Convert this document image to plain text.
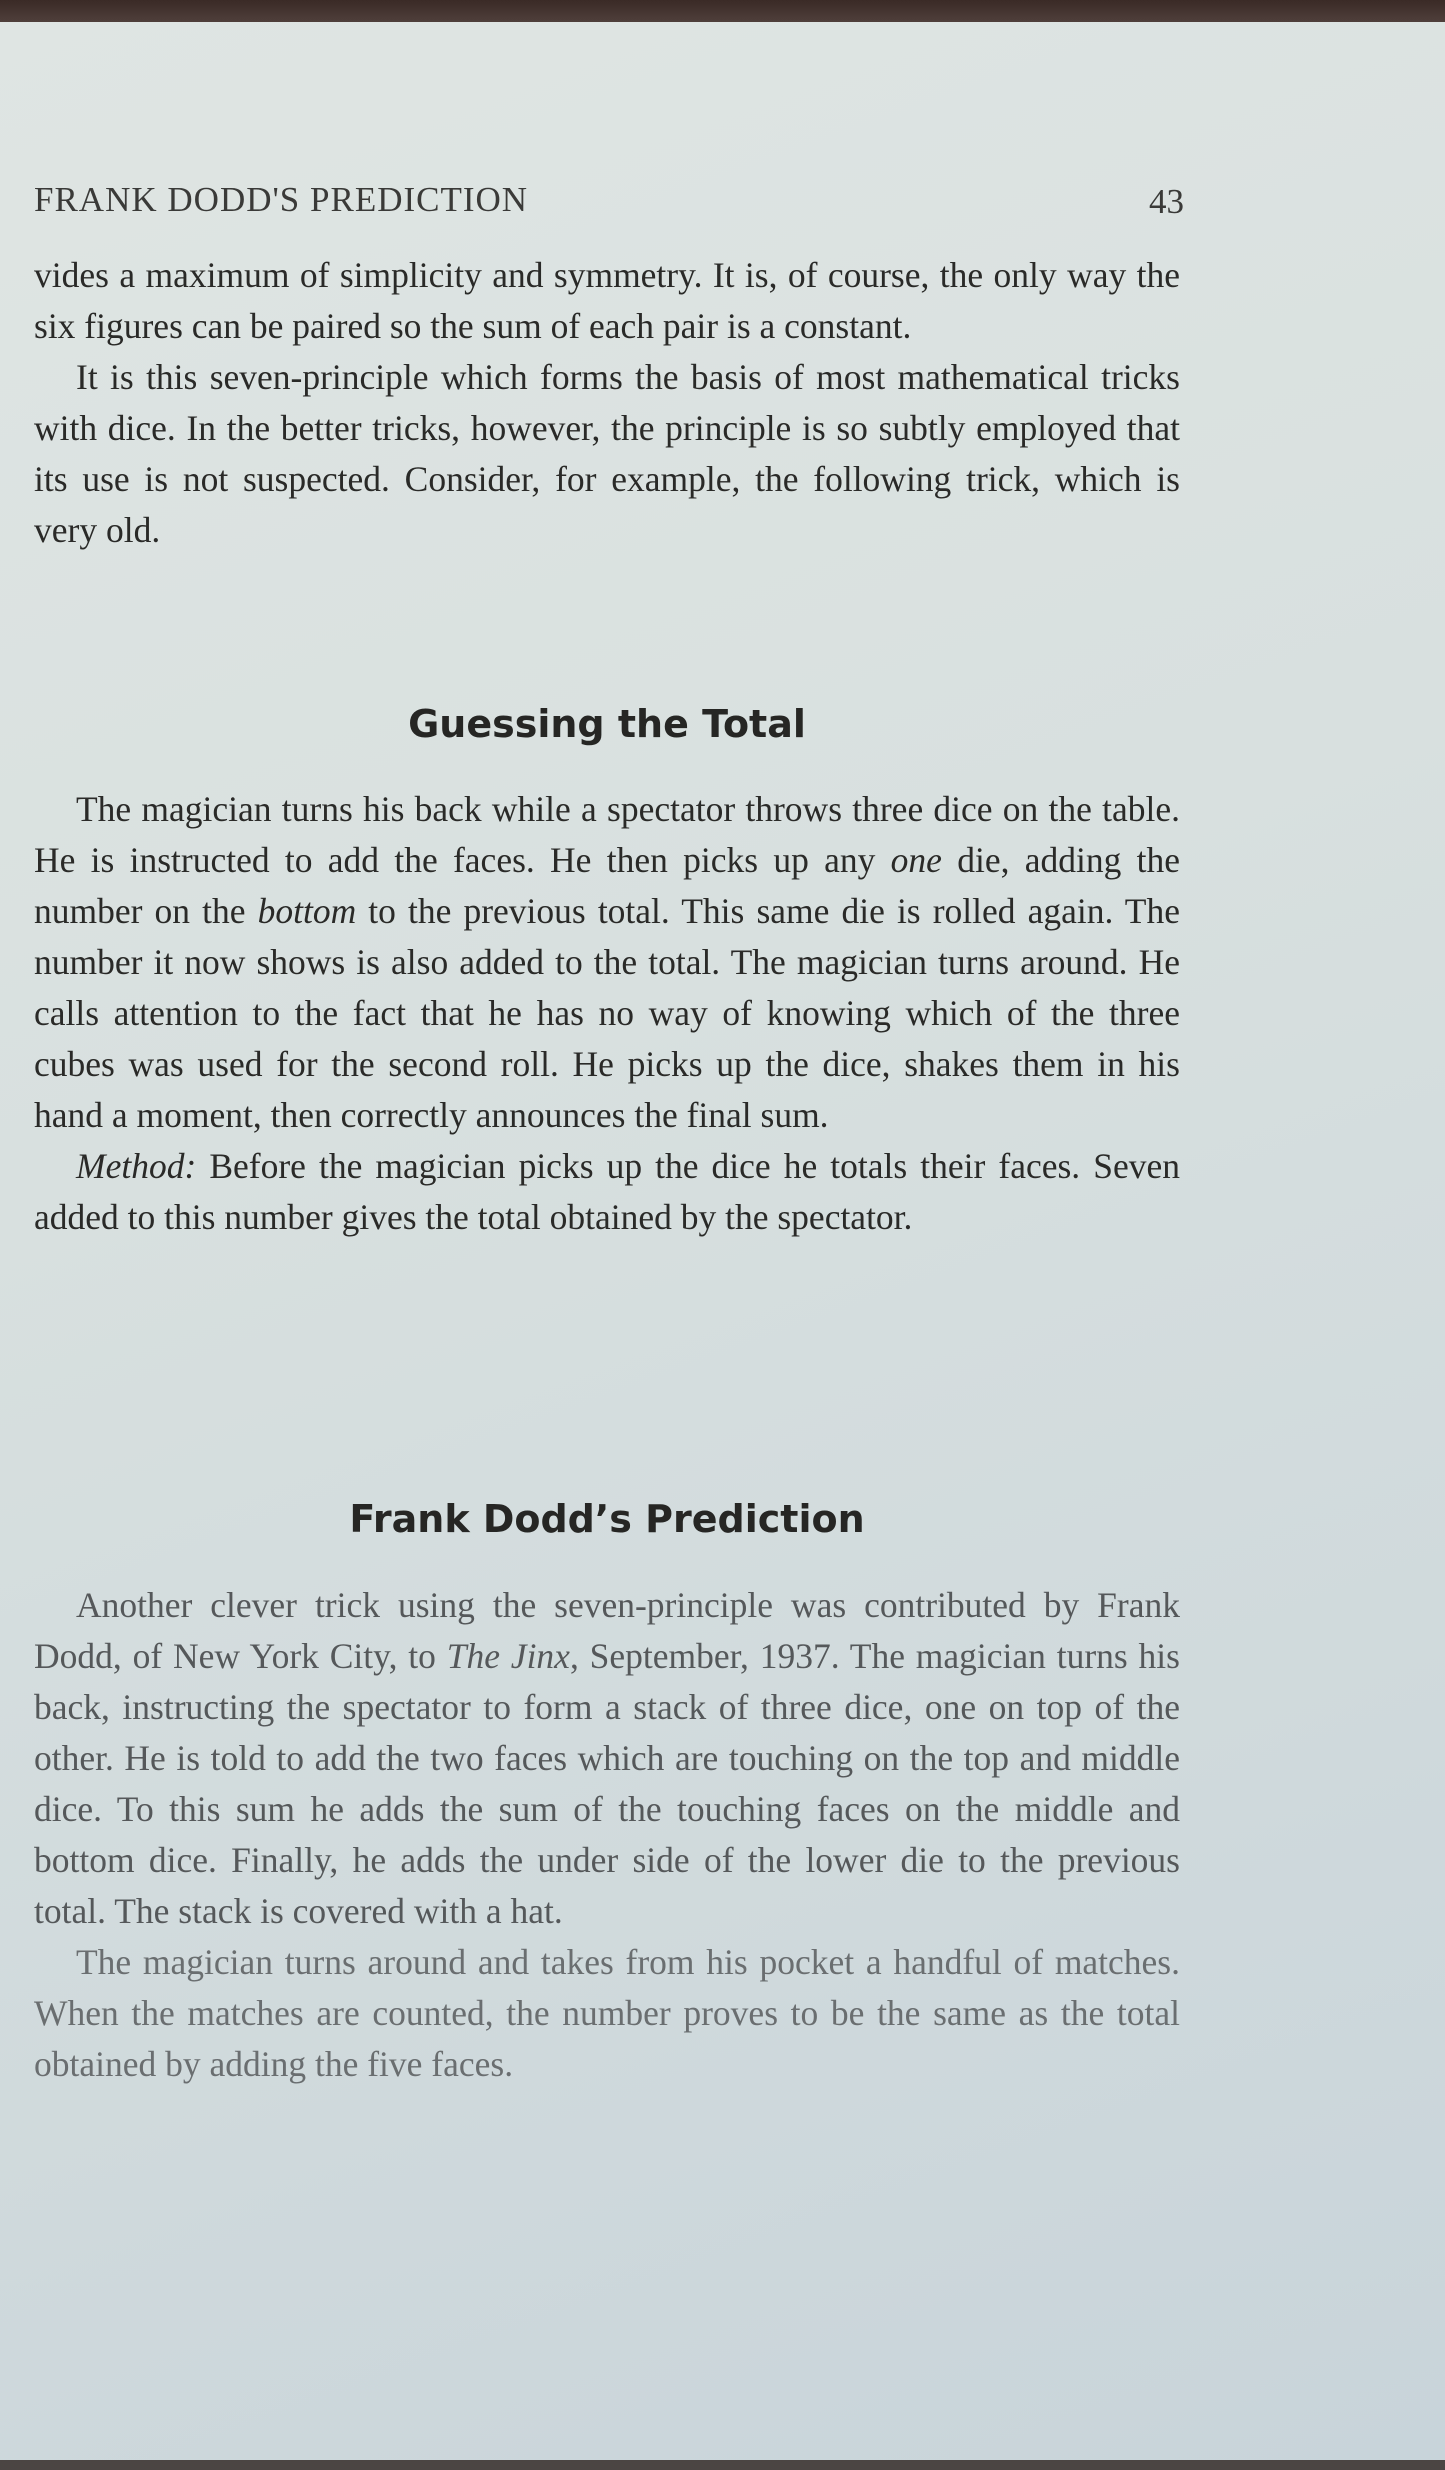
FRANK DODD'S PREDICTION	43

vides a maximum of simplicity and symmetry. It is, of course, the only way the six figures can be paired so the sum of each pair is a constant.

It is this seven-principle which forms the basis of most mathematical tricks with dice. In the better tricks, however, the principle is so subtly employed that its use is not suspected. Consider, for example, the following trick, which is very old.

Guessing the Total

The magician turns his back while a spectator throws three dice on the table. He is instructed to add the faces. He then picks up any one die, adding the number on the bottom to the previous total. This same die is rolled again. The number it now shows is also added to the total. The magician turns around. He calls attention to the fact that he has no way of knowing which of the three cubes was used for the second roll. He picks up the dice, shakes them in his hand a moment, then correctly announces the final sum.

Method: Before the magician picks up the dice he totals their faces. Seven added to this number gives the total obtained by the spectator.

Frank Dodd’s Prediction

Another clever trick using the seven-principle was contributed by Frank Dodd, of New York City, to The Jinx, September, 1937. The magician turns his back, instructing the spectator to form a stack of three dice, one on top of the other. He is told to add the two faces which are touching on the top and middle dice. To this sum he adds the sum of the touching faces on the middle and bottom dice. Finally, he adds the under side of the lower die to the previous total. The stack is covered with a hat.

The magician turns around and takes from his pocket a handful of matches. When the matches are counted, the number proves to be the same as the total obtained by adding the five faces.
